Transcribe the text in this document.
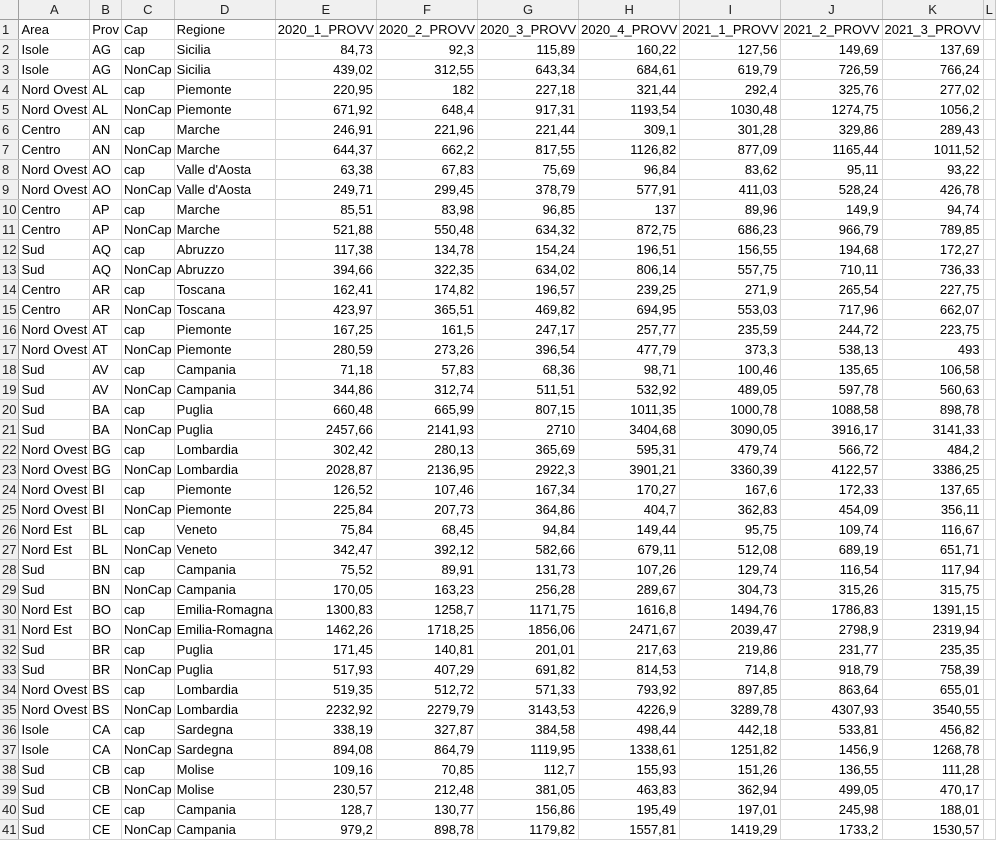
	A	B	C	D	E	F	G	H	I	J	K	L
1	Area	Prov	Cap	Regione	2020_1_PROVV	2020_2_PROVV	2020_3_PROVV	2020_4_PROVV	2021_1_PROVV	2021_2_PROVV	2021_3_PROVV	
2	Isole	AG	cap	Sicilia	84,73	92,3	115,89	160,22	127,56	149,69	137,69	
3	Isole	AG	NonCap	Sicilia	439,02	312,55	643,34	684,61	619,79	726,59	766,24	
4	Nord Ovest	AL	cap	Piemonte	220,95	182	227,18	321,44	292,4	325,76	277,02	
5	Nord Ovest	AL	NonCap	Piemonte	671,92	648,4	917,31	1193,54	1030,48	1274,75	1056,2	
6	Centro	AN	cap	Marche	246,91	221,96	221,44	309,1	301,28	329,86	289,43	
7	Centro	AN	NonCap	Marche	644,37	662,2	817,55	1126,82	877,09	1165,44	1011,52	
8	Nord Ovest	AO	cap	Valle d'Aosta	63,38	67,83	75,69	96,84	83,62	95,11	93,22	
9	Nord Ovest	AO	NonCap	Valle d'Aosta	249,71	299,45	378,79	577,91	411,03	528,24	426,78	
10	Centro	AP	cap	Marche	85,51	83,98	96,85	137	89,96	149,9	94,74	
11	Centro	AP	NonCap	Marche	521,88	550,48	634,32	872,75	686,23	966,79	789,85	
12	Sud	AQ	cap	Abruzzo	117,38	134,78	154,24	196,51	156,55	194,68	172,27	
13	Sud	AQ	NonCap	Abruzzo	394,66	322,35	634,02	806,14	557,75	710,11	736,33	
14	Centro	AR	cap	Toscana	162,41	174,82	196,57	239,25	271,9	265,54	227,75	
15	Centro	AR	NonCap	Toscana	423,97	365,51	469,82	694,95	553,03	717,96	662,07	
16	Nord Ovest	AT	cap	Piemonte	167,25	161,5	247,17	257,77	235,59	244,72	223,75	
17	Nord Ovest	AT	NonCap	Piemonte	280,59	273,26	396,54	477,79	373,3	538,13	493	
18	Sud	AV	cap	Campania	71,18	57,83	68,36	98,71	100,46	135,65	106,58	
19	Sud	AV	NonCap	Campania	344,86	312,74	511,51	532,92	489,05	597,78	560,63	
20	Sud	BA	cap	Puglia	660,48	665,99	807,15	1011,35	1000,78	1088,58	898,78	
21	Sud	BA	NonCap	Puglia	2457,66	2141,93	2710	3404,68	3090,05	3916,17	3141,33	
22	Nord Ovest	BG	cap	Lombardia	302,42	280,13	365,69	595,31	479,74	566,72	484,2	
23	Nord Ovest	BG	NonCap	Lombardia	2028,87	2136,95	2922,3	3901,21	3360,39	4122,57	3386,25	
24	Nord Ovest	BI	cap	Piemonte	126,52	107,46	167,34	170,27	167,6	172,33	137,65	
25	Nord Ovest	BI	NonCap	Piemonte	225,84	207,73	364,86	404,7	362,83	454,09	356,11	
26	Nord Est	BL	cap	Veneto	75,84	68,45	94,84	149,44	95,75	109,74	116,67	
27	Nord Est	BL	NonCap	Veneto	342,47	392,12	582,66	679,11	512,08	689,19	651,71	
28	Sud	BN	cap	Campania	75,52	89,91	131,73	107,26	129,74	116,54	117,94	
29	Sud	BN	NonCap	Campania	170,05	163,23	256,28	289,67	304,73	315,26	315,75	
30	Nord Est	BO	cap	Emilia-Romagna	1300,83	1258,7	1171,75	1616,8	1494,76	1786,83	1391,15	
31	Nord Est	BO	NonCap	Emilia-Romagna	1462,26	1718,25	1856,06	2471,67	2039,47	2798,9	2319,94	
32	Sud	BR	cap	Puglia	171,45	140,81	201,01	217,63	219,86	231,77	235,35	
33	Sud	BR	NonCap	Puglia	517,93	407,29	691,82	814,53	714,8	918,79	758,39	
34	Nord Ovest	BS	cap	Lombardia	519,35	512,72	571,33	793,92	897,85	863,64	655,01	
35	Nord Ovest	BS	NonCap	Lombardia	2232,92	2279,79	3143,53	4226,9	3289,78	4307,93	3540,55	
36	Isole	CA	cap	Sardegna	338,19	327,87	384,58	498,44	442,18	533,81	456,82	
37	Isole	CA	NonCap	Sardegna	894,08	864,79	1119,95	1338,61	1251,82	1456,9	1268,78	
38	Sud	CB	cap	Molise	109,16	70,85	112,7	155,93	151,26	136,55	111,28	
39	Sud	CB	NonCap	Molise	230,57	212,48	381,05	463,83	362,94	499,05	470,17	
40	Sud	CE	cap	Campania	128,7	130,77	156,86	195,49	197,01	245,98	188,01	
41	Sud	CE	NonCap	Campania	979,2	898,78	1179,82	1557,81	1419,29	1733,2	1530,57	
